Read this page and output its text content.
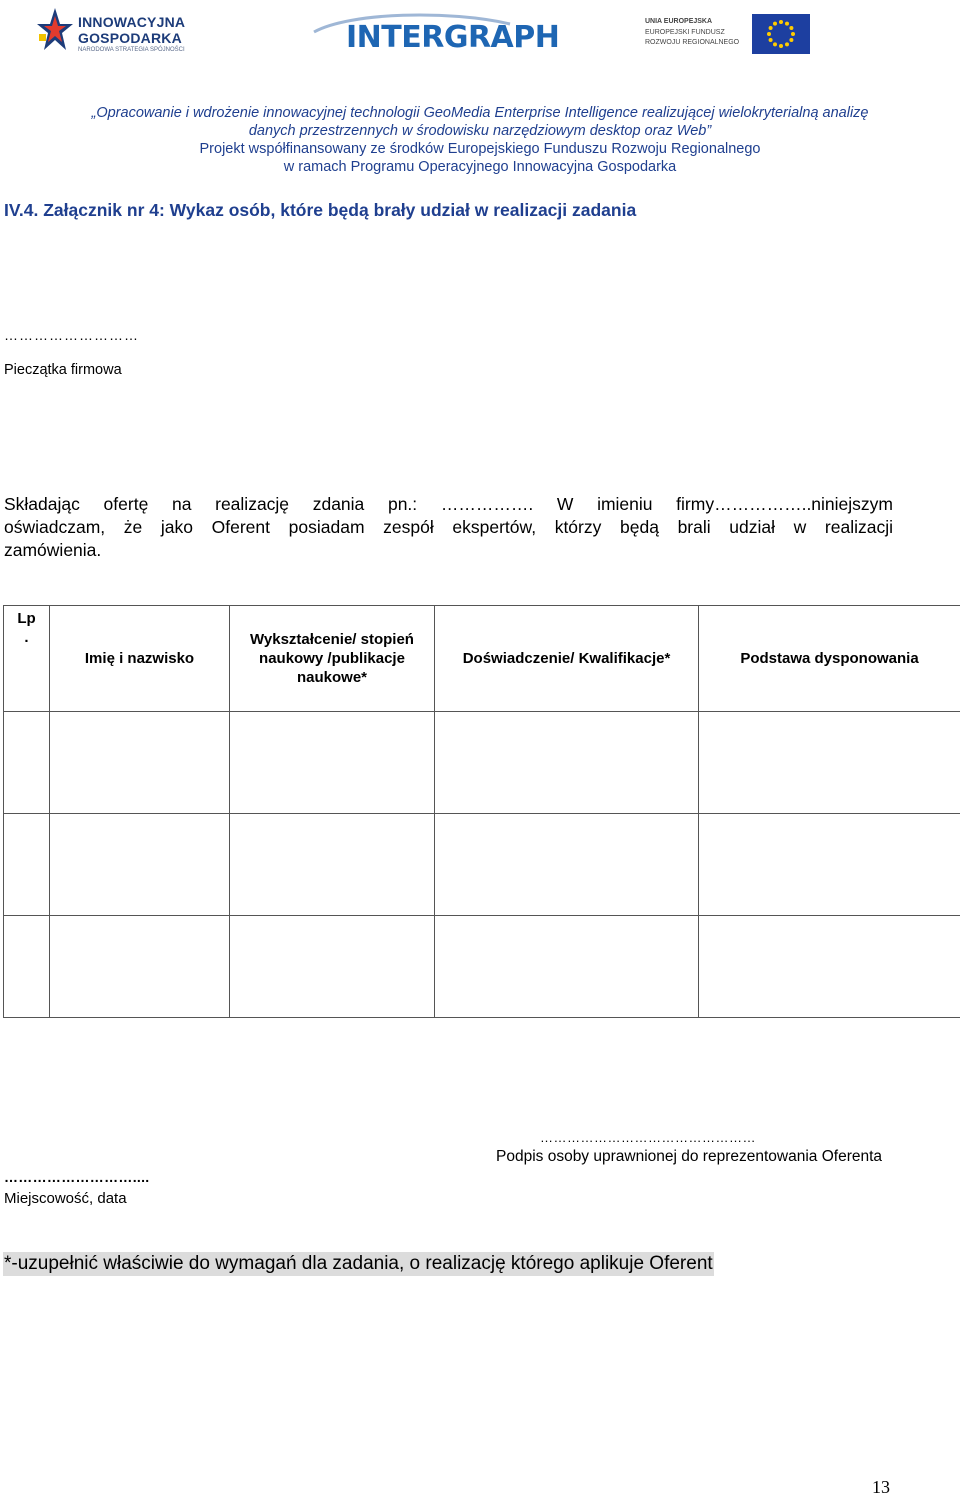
INNOWACYJNA
GOSPODARKA
NARODOWA STRATEGIA SPÓJNOŚCI	INTERGRAPH	UNIA EUROPEJSKA
EUROPEJSKI FUNDUSZ
ROZWOJU REGIONALNEGO
„Opracowanie i wdrożenie innowacyjnej technologii GeoMedia Enterprise Intelligence realizującej wielokryterialną analizę
danych przestrzennych w środowisku narzędziowym desktop oraz Web”
Projekt współfinansowany ze środków Europejskiego Funduszu Rozwoju Regionalnego
w ramach Programu Operacyjnego Innowacyjna Gospodarka
IV.4. Załącznik nr 4: Wykaz osób, które będą brały udział w realizacji zadania
………………………
Pieczątka firmowa
Składając ofertę na realizację zdania pn.: ……………. W imieniu firmy……………..niniejszym
oświadczam, że jako Oferent posiadam zespół ekspertów, którzy będą brali udział w realizacji
zamówienia.
Lp
.	Imię i nazwisko	Wykształcenie/ stopień naukowy /publikacje naukowe*	Doświadczenie/ Kwalifikacje*	Podstawa dysponowania

…………………………………………
Podpis osoby uprawnionej do reprezentowania Oferenta
………………………....
Miejscowość, data
*-uzupełnić właściwie do wymagań dla zadania, o realizację którego aplikuje Oferent
13
